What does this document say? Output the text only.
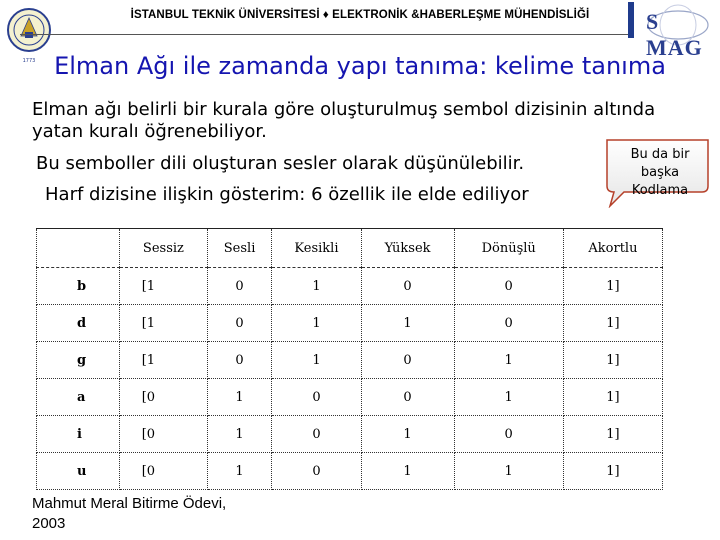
1773
İSTANBUL TEKNİK ÜNİVERSİTESİ ♦ ELEKTRONİK &HABERLEŞME MÜHENDİSLİĞİ	S MAG
Elman Ağı ile zamanda yapı tanıma: kelime tanıma
Elman ağı belirli bir kurala göre oluşturulmuş sembol dizisinin altında
yatan kuralı öğrenebiliyor.
Bu semboller dili oluşturan sesler olarak düşünülebilir.
Harf dizisine ilişkin gösterim: 6 özellik ile elde ediliyor
Bu da bir
başka
Kodlama
	Sessiz	Sesli	Kesikli	Yüksek	Dönüşlü	Akortlu
b	[1	0	1	0	0	1]
d	[1	0	1	1	0	1]
g	[1	0	1	0	1	1]
a	[0	1	0	0	1	1]
i	[0	1	0	1	0	1]
u	[0	1	0	1	1	1]
Mahmut Meral Bitirme Ödevi,
2003
